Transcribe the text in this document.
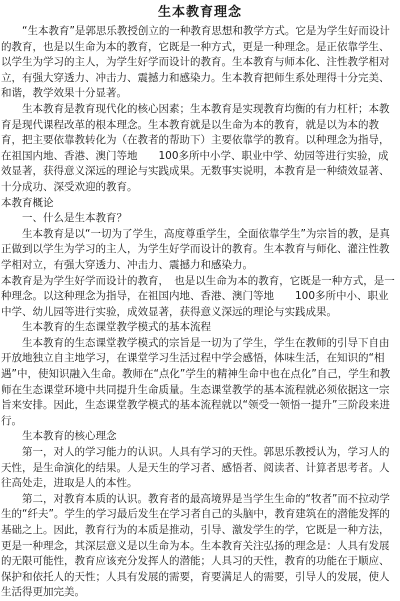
生本教育理念

“生本教育”是郭思乐教授创立的一种教育思想和教学方式。它是为学生好而设计的教育，也是以生命为本的教育，它既是一种方式，更是一种理念。是正依靠学生、以学生为学习的主人，为学生好学而设计的教育。生本教育与师本化、注性教学相对立，有强大穿透力、冲击力、震撼力和感染力。生本教育把师生系处理得十分完美、和谐，教学效果十分显著。

生本教育是教育现代化的核心因素；生本教育是实现教育均衡的有力杠杆；本教育是现代课程改革的根本理念。生本教育就是以生命为本的教育，就是以为本的教育，把主要依靠教转化为（在教者的帮助下）主要依靠学的教育。以种理念为指导，在祖国内地、香港、澳门等地　　100多所中小学、职业中学、幼园等进行实验，成效显著，获得意义深远的理论与实践成果。无数事实说明，本教育是一种绩效显著、十分成功、深受欢迎的教育。

本教育概论

一、什么是生本教育？

生本教育是以“一切为了学生，高度尊重学生，全面依靠学生”为宗旨的教，是真正做到以学生为学习的主人，为学生好学而设计的教育。生本教育与师化、灌注性教学相对立，有强大穿透力、冲击力、震撼力和感染力。

本教育是为学生好学而设计的教育，　也是以生命为本的教育，它既是一种方式，是一种理念。以这种理念为指导，在祖国内地、香港、澳门等地　　100多所中小、职业中学、幼儿园等进行实验，成效显著，获得意义深远的理论与实践成果。

生本教育的生态课堂教学模式的基本流程

生本教育的生态课堂教学模式的宗旨是一切为了学生，学生在教师的引导下自由开放地独立自主地学习，在课堂学习生活过程中学会感悟，体味生活，在知识的“相遇”中，使知识融入生命。教师在“点化”学生的精神生命中也在点化”自己，学生和教师在生态课堂环境中共同提升生命质量。生态课堂教学的基本流程就必须依据这一宗旨来安排。因此，生态课堂教学模式的基本流程就以“领受一领悟一提升”三阶段来进行。

生本教育的核心理念

第一，对人的学习能力的认识。人具有学习的天性。郭思乐教授认为，学习人的天性，是生命演化的结果。人是天生的学习者、感悟者、阅读者、计算者思考者。人往高处走，进取是人的本性。

第二，对教育本质的认识。教育者的最高境界是当学生生命的“牧者”而不拉动学生的“纤夫”。学生的学习最后发生在学习者自己的头脑中，教育建筑在的潜能发挥的基础之上。因此，教育行为的本质是推动，引导、激发学生的学，它既是一种方法，更是一种理念，其深层意义是以生命为本。生本教育关注弘扬的理念是：人具有发展的无限可能性，教育应该充分发挥人的潜能；人具习的天性，教育的功能在于顺应、保护和依托人的天性；人具有发展的需要，育要满足人的需要，引导人的发展，使人生活得更加完美。
